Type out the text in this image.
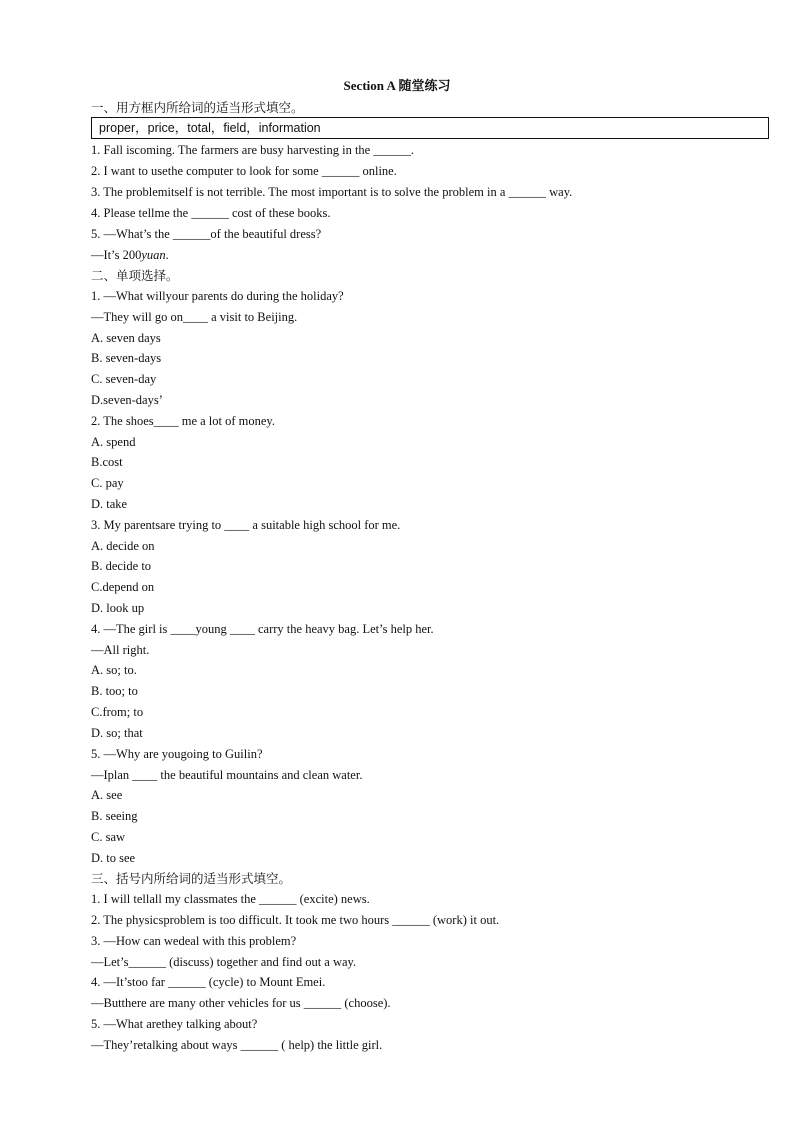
Section A 随堂练习
一、用方框内所给词的适当形式填空。
proper，price，total，field，information
1. Fall iscoming. The farmers are busy harvesting in the ______.
2. I want to usethe computer to look for some ______ online.
3. The problemitself is not terrible. The most important is to solve the problem in a ______ way.
4. Please tellme the ______ cost of these books.
5. —What’s the ______of the beautiful dress?
—It’s 200yuan.
二、单项选择。
1. —What willyour parents do during the holiday?
—They will go on____ a visit to Beijing.
A. seven days
B. seven-days
C. seven-day
D.seven-days’
2. The shoes____ me a lot of money.
A. spend
B.cost
C. pay
D. take
3. My parentsare trying to ____ a suitable high school for me.
A. decide on
B. decide to
C.depend on
D. look up
4. —The girl is ____young ____ carry the heavy bag. Let’s help her.
—All right.
A. so; to.
B. too; to
C.from; to
D. so; that
5. —Why are yougoing to Guilin?
—Iplan ____ the beautiful mountains and clean water.
A. see
B. seeing
C. saw
D. to see
三、括号内所给词的适当形式填空。
1. I will tellall my classmates the ______ (excite) news.
2. The physicsproblem is too difficult. It took me two hours ______ (work) it out.
3. —How can wedeal with this problem?
—Let’s______ (discuss) together and find out a way.
4. —It’stoo far ______ (cycle) to Mount Emei.
—Butthere are many other vehicles for us ______ (choose).
5. —What arethey talking about?
—They’retalking about ways ______ ( help) the little girl.
